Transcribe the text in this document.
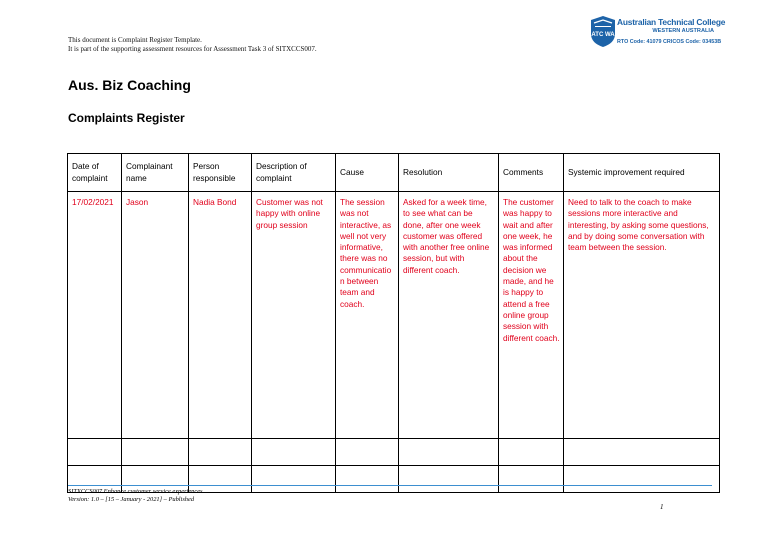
This document is Complaint Register Template.
It is part of the supporting assessment resources for Assessment Task 3 of SITXCCS007.
ATC WA
Australian Technical College
WESTERN AUSTRALIA
RTO Code: 41079 CRICOS Code: 03453B
Aus. Biz Coaching
Complaints Register
Date of complaint	Complainant name	Person responsible	Description of complaint	Cause	Resolution	Comments	Systemic improvement required
17/02/2021	Jason	Nadia Bond	Customer was not happy with online group session	The session was not interactive, as well not very informative, there was no communication between team and coach.	Asked for a week time, to see what can be done, after one week customer was offered with another free online session, but with different coach.	The customer was happy to wait and after one week, he was informed about the decision we made, and he is happy to attend a free online group session with different coach.	Need to talk to the coach to make sessions more interactive and interesting, by asking some questions, and by doing some conversation with team between the session.

SITXCCS007 Enhance customer service experiences
Version: 1.0 – [15 – January - 2021] – Published
1
